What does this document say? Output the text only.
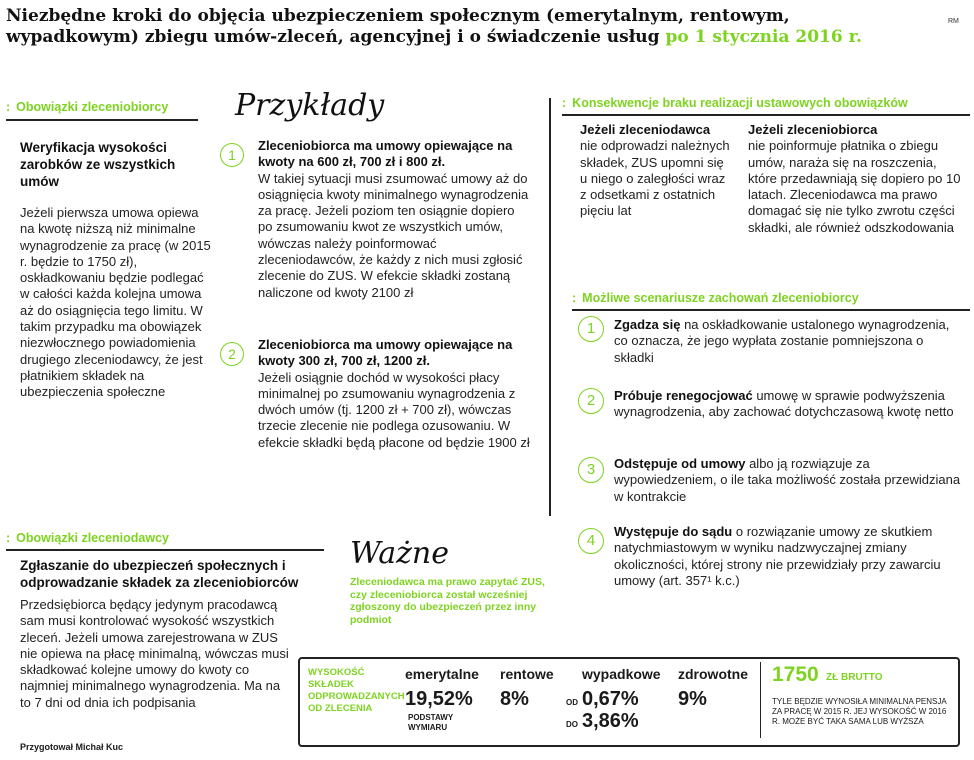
Niezbędne kroki do objęcia ubezpieczeniem społecznym (emerytalnym, rentowym, wypadkowym) zbiegu umów-zleceń, agencyjnej i o świadczenie usług po 1 stycznia 2016 r.
RM
: Obowiązki zleceniobiorcy
Weryfikacja wysokości zarobków ze wszystkich umów
Jeżeli pierwsza umowa opiewa na kwotę niższą niż minimalne wynagrodzenie za pracę (w 2015 r. będzie to 1750 zł), oskładkowaniu będzie podlegać w całości każda kolejna umowa aż do osiągnięcia tego limitu. W takim przypadku ma obowiązek niezwłocznego powiadomienia drugiego zleceniodawcy, że jest płatnikiem składek na ubezpieczenia społeczne
Przykłady
1
Zleceniobiorca ma umowy opiewające na kwoty na 600 zł, 700 zł i 800 zł.
W takiej sytuacji musi zsumować umowy aż do osiągnięcia kwoty minimalnego wynagrodzenia za pracę. Jeżeli poziom ten osiągnie dopiero po zsumowaniu kwot ze wszystkich umów, wówczas należy poinformować zleceniodawców, że każdy z nich musi zgłosić zlecenie do ZUS. W efekcie składki zostaną naliczone od kwoty 2100 zł
2
Zleceniobiorca ma umowy opiewające na kwoty 300 zł, 700 zł, 1200 zł.
Jeżeli osiągnie dochód w wysokości płacy minimalnej po zsumowaniu wynagrodzenia z dwóch umów (tj. 1200 zł + 700 zł), wówczas trzecie zlecenie nie podlega ozusowaniu. W efekcie składki będą płacone od będzie 1900 zł
: Konsekwencje braku realizacji ustawowych obowiązków
Jeżeli zleceniodawca
nie odprowadzi należnych składek, ZUS upomni się u niego o zaległości wraz z odsetkami z ostatnich pięciu lat
Jeżeli zleceniobiorca
nie poinformuje płatnika o zbiegu umów, naraża się na roszczenia, które przedawniają się dopiero po 10 latach. Zleceniodawca ma prawo domagać się nie tylko zwrotu części składki, ale również odszkodowania
: Możliwe scenariusze zachowań zleceniobiorcy
1	Zgadza się na oskładkowanie ustalonego wynagrodzenia, co oznacza, że jego wypłata zostanie pomniejszona o składki
2	Próbuje renegocjować umowę w sprawie podwyższenia wynagrodzenia, aby zachować dotychczasową kwotę netto
3	Odstępuje od umowy albo ją rozwiązuje za wypowiedzeniem, o ile taka możliwość została przewidziana w kontrakcie
4
Występuje do sądu o rozwiązanie umowy ze skutkiem natychmiastowym w wyniku nadzwyczajnej zmiany okoliczności, której strony nie przewidziały przy zawarciu umowy (art. 357¹ k.c.)
: Obowiązki zleceniodawcy
Zgłaszanie do ubezpieczeń społecznych i odprowadzanie składek za zleceniobiorców
Przedsiębiorca będący jedynym pracodawcą sam musi kontrolować wysokość wszystkich zleceń. Jeżeli umowa zarejestrowana w ZUS nie opiewa na płacę minimalną, wówczas musi składkować kolejne umowy do kwoty co najmniej minimalnego wynagrodzenia. Ma na to 7 dni od dnia ich podpisania
Przygotował Michał Kuc
Ważne
Zleceniodawca ma prawo zapytać ZUS, czy zleceniobiorca został wcześniej zgłoszony do ubezpieczeń przez inny podmiot
WYSOKOŚĆ SKŁADEK ODPROWADZANYCH OD ZLECENIA
emerytalne
19,52%
PODSTAWY WYMIARU
rentowe
8%
wypadkowe
OD 0,67%
DO 3,86%
zdrowotne
9%
1750 ZŁ BRUTTO
TYLE BĘDZIE WYNOSIŁA MINIMALNA PENSJA ZA PRACĘ W 2015 R. JEJ WYSOKOŚĆ W 2016 R. MOŻE BYĆ TAKA SAMA LUB WYŻSZA
